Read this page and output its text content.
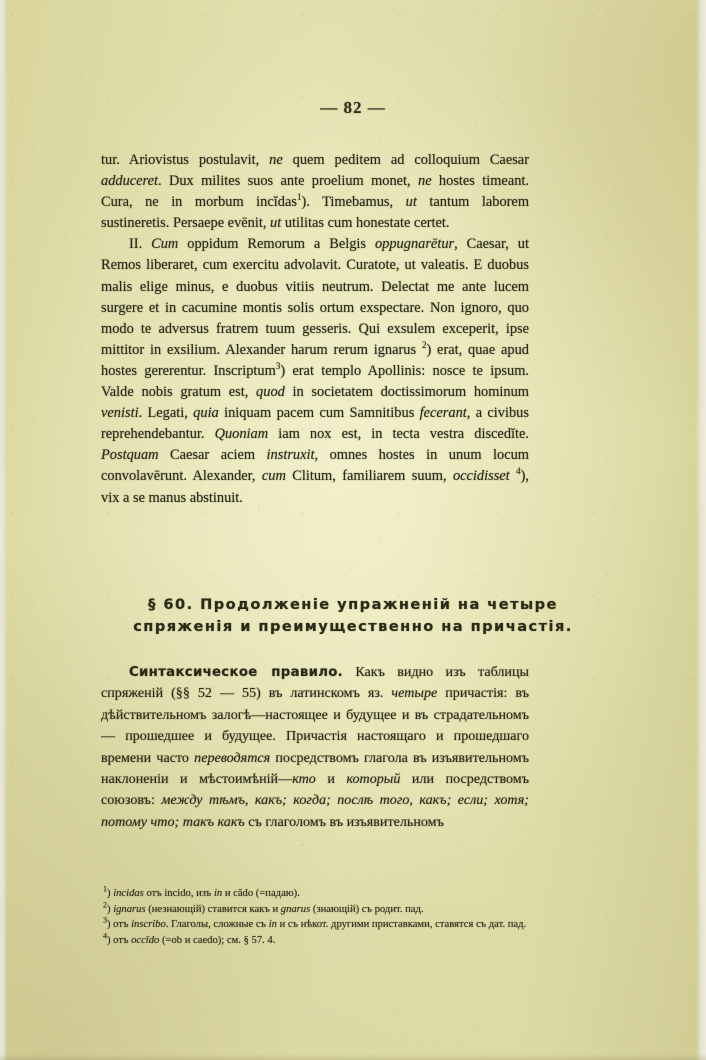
— 82 —

tur. Ariovistus postulavit, ne quem peditem ad colloquium Caesar adduceret. Dux milites suos ante proelium monet, ne hostes timeant. Cura, ne in morbum incĭdas$^1$). Timebamus, ut tantum laborem sustineretis. Persaepe evēnit, ut utilitas cum honestate certet.

II. Cum oppidum Remorum a Belgis oppugnarētur, Caesar, ut Remos liberaret, cum exercitu advolavit. Curatote, ut valeatis. E duobus malis elige minus, e duobus vitiis neutrum. Delectat me ante lucem surgere et in cacumine montis solis ortum exspectare. Non ignoro, quo modo te adversus fratrem tuum gesseris. Qui exsulem exceperit, ipse mittitor in exsilium. Alexander harum rerum ignarus $^2$) erat, quae apud hostes gererentur. Inscriptum$^3$) erat templo Apollinis: nosce te ipsum. Valde nobis gratum est, quod in societatem doctissimorum hominum venisti. Legati, quia iniquam pacem cum Samnitibus fecerant, a civibus reprehendebantur. Quoniam iam nox est, in tecta vestra discedĭte. Postquam Caesar aciem instruxit, omnes hostes in unum locum convolavērunt. Alexander, cum Clitum, familiarem suum, occidisset $^4$), vix a se manus abstinuit.

§ 60. Продолженіе упражненій на четыре
спряженія и преимущественно на причастія.

Синтаксическое правило. Какъ видно изъ таблицы спряженій (§§ 52 — 55) въ латинскомъ яз. четыре причастія: въ дѣйствительномъ залогѣ—настоящее и будущее и въ страдательномъ — прошедшее и будущее. Причастія настоящаго и прошедшаго времени часто переводятся посредствомъ глагола въ изъявительномъ наклоненіи и мѣстоимѣній—кто и который или посредствомъ союзовъ: между тѣмъ, какъ; когда; послѣ того, какъ; если; хотя; потому что; такъ какъ съ глаголомъ въ изъявительномъ

$^1$) incidas отъ incido, изъ in и cădo (=падаю).

$^2$) ignarus (незнающій) ставится какъ и gnarus (знающій) съ родит. пад.

$^3$) отъ inscribo. Глаголы, сложные съ in и съ нѣкот. другими приставками, ставятся съ дат. пад.

$^4$) отъ occīdo (=ob и caedo); см. § 57. 4.
